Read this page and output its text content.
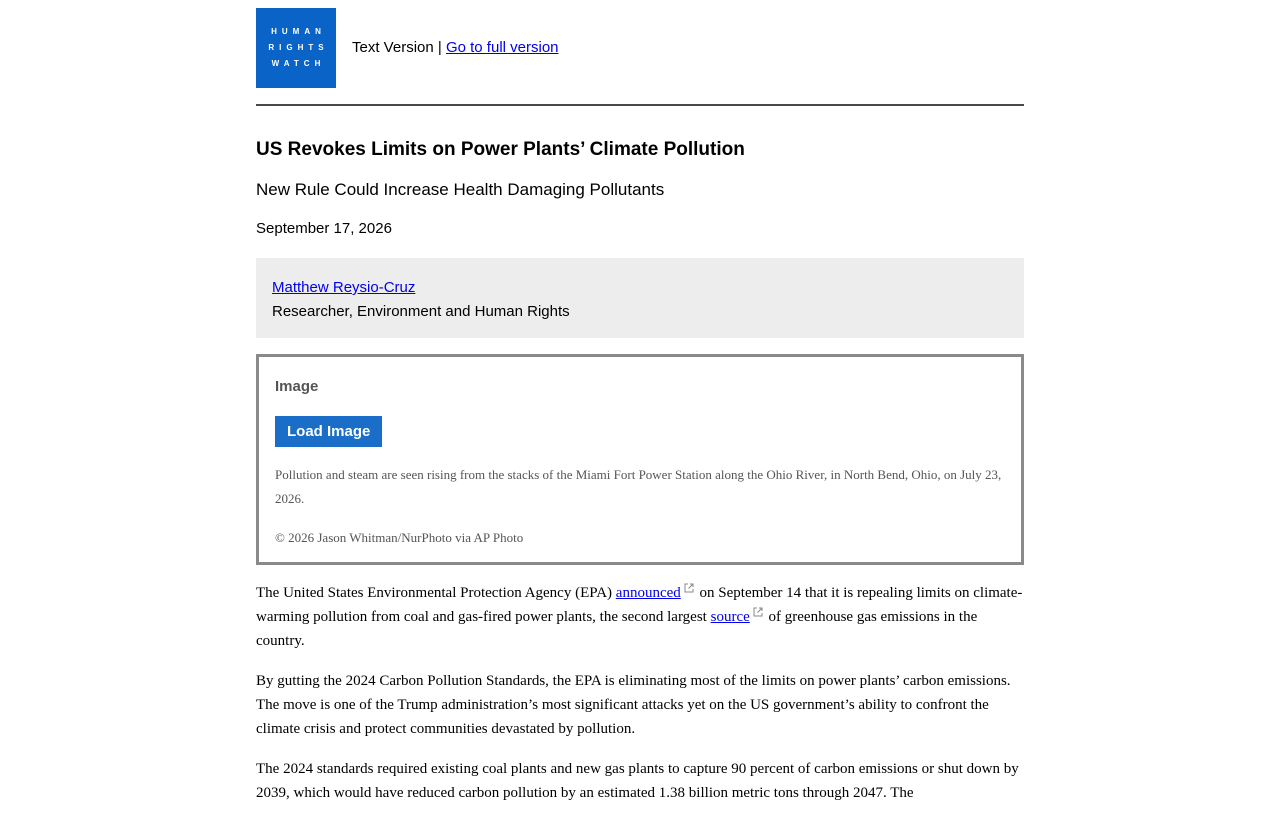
HUMAN
RIGHTS
WATCH
Text Version | Go to full version
US Revokes Limits on Power Plants’ Climate Pollution
New Rule Could Increase Health Damaging Pollutants
September 17, 2026
Matthew Reysio-Cruz
Researcher, Environment and Human Rights
Image
Load Image
Pollution and steam are seen rising from the stacks of the Miami Fort Power Station along the Ohio River, in North Bend, Ohio, on July 23, 2026.
© 2026 Jason Whitman/NurPhoto via AP Photo

The United States Environmental Protection Agency (EPA) announced on September 14 that it is repealing limits on climate-warming pollution from coal and gas-fired power plants, the second largest source of greenhouse gas emissions in the country.

By gutting the 2024 Carbon Pollution Standards, the EPA is eliminating most of the limits on power plants’ carbon emissions. The move is one of the Trump administration’s most significant attacks yet on the US government’s ability to confront the climate crisis and protect communities devastated by pollution.

The 2024 standards required existing coal plants and new gas plants to capture 90 percent of carbon emissions or shut down by 2039, which would have reduced carbon pollution by an estimated 1.38 billion metric tons through 2047. The
